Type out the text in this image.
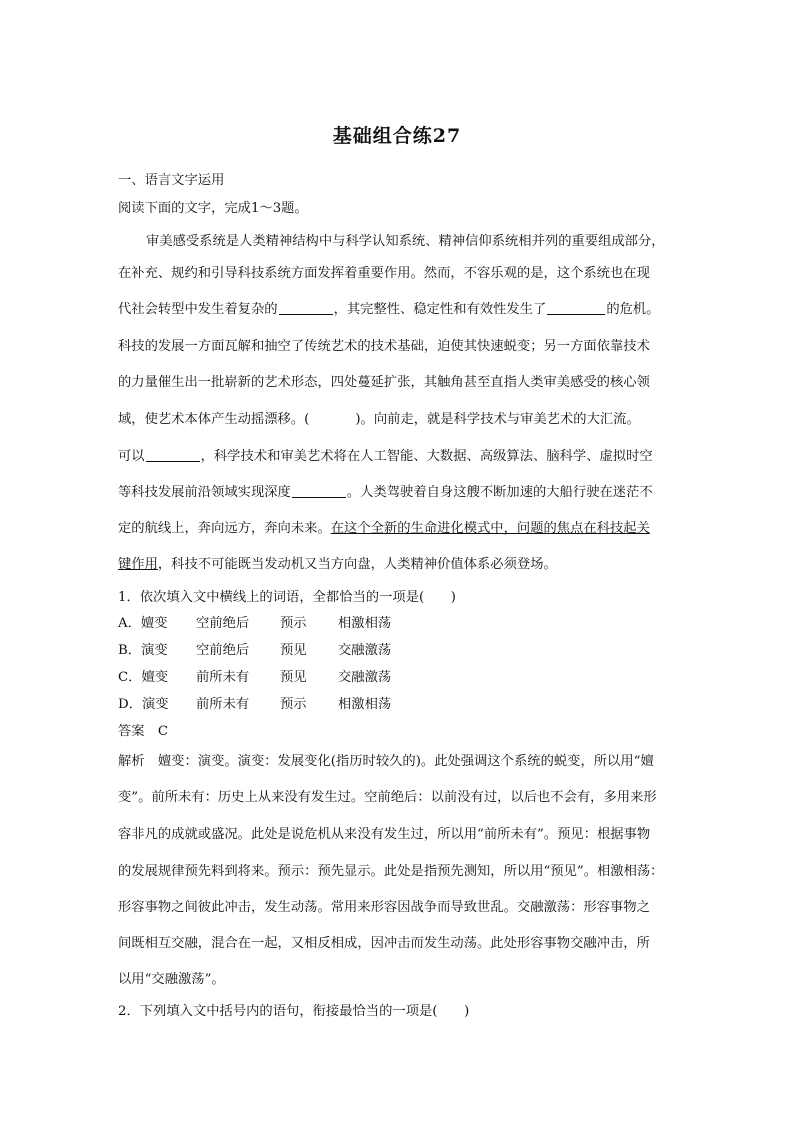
基础组合练27
一、语言文字运用
阅读下面的文字，完成1～3题。
审美感受系统是人类精神结构中与科学认知系统、精神信仰系统相并列的重要组成部分，
在补充、规约和引导科技系统方面发挥着重要作用。然而，不容乐观的是，这个系统也在现
代社会转型中发生着复杂的	，其完整性、稳定性和有效性发生了	的危机。
科技的发展一方面瓦解和抽空了传统艺术的技术基础，迫使其快速蜕变；另一方面依靠技术
的力量催生出一批崭新的艺术形态，四处蔓延扩张，其触角甚至直指人类审美感受的核心领
域，使艺术本体产生动摇漂移。(	)。向前走，就是科学技术与审美艺术的大汇流。
可以	，科学技术和审美艺术将在人工智能、大数据、高级算法、脑科学、虚拟时空
等科技发展前沿领域实现深度	。人类驾驶着自身这艘不断加速的大船行驶在迷茫不
定的航线上，奔向远方，奔向未来。在这个全新的生命进化模式中，问题的焦点在科技起关
键作用，科技不可能既当发动机又当方向盘，人类精神价值体系必须登场。
1．依次填入文中横线上的词语，全都恰当的一项是(　　)
A．嬗变 空前绝后 预示 相激相荡
B．演变 空前绝后 预见 交融激荡
C．嬗变 前所未有 预见 交融激荡
D．演变 前所未有 预示 相激相荡
答案　C
解析　嬗变：演变。演变：发展变化(指历时较久的)。此处强调这个系统的蜕变，所以用“嬗
变”。前所未有：历史上从来没有发生过。空前绝后：以前没有过，以后也不会有，多用来形
容非凡的成就或盛况。此处是说危机从来没有发生过，所以用“前所未有”。预见：根据事物
的发展规律预先料到将来。预示：预先显示。此处是指预先测知，所以用“预见”。相激相荡：
形容事物之间彼此冲击，发生动荡。常用来形容因战争而导致世乱。交融激荡：形容事物之
间既相互交融，混合在一起，又相反相成，因冲击而发生动荡。此处形容事物交融冲击，所
以用“交融激荡”。
2．下列填入文中括号内的语句，衔接最恰当的一项是(　　)
